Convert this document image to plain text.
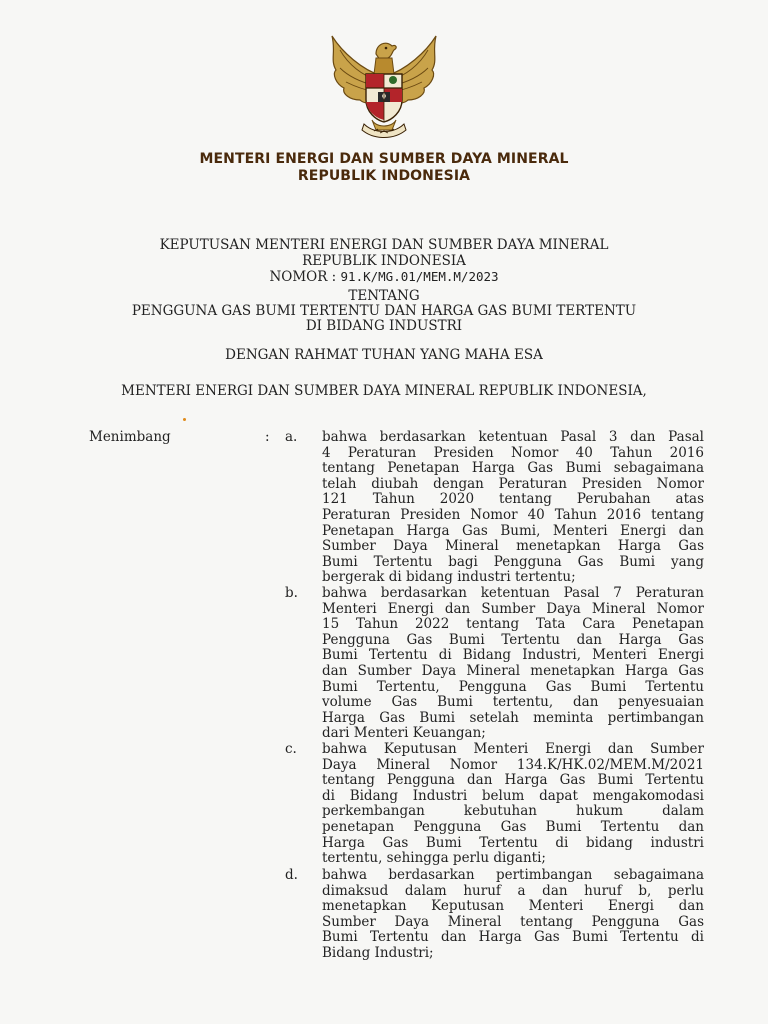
MENTERI ENERGI DAN SUMBER DAYA MINERAL
REPUBLIK INDONESIA
KEPUTUSAN MENTERI ENERGI DAN SUMBER DAYA MINERAL
REPUBLIK INDONESIA
NOMOR : 91.K/MG.01/MEM.M/2023
TENTANG
PENGGUNA GAS BUMI TERTENTU DAN HARGA GAS BUMI TERTENTU
DI BIDANG INDUSTRI
DENGAN RAHMAT TUHAN YANG MAHA ESA
MENTERI ENERGI DAN SUMBER DAYA MINERAL REPUBLIK INDONESIA,
Menimbang	: a. bahwa berdasarkan ketentuan Pasal 3 dan Pasal
4 Peraturan Presiden Nomor 40 Tahun 2016
tentang Penetapan Harga Gas Bumi sebagaimana
telah diubah dengan Peraturan Presiden Nomor
121 Tahun 2020 tentang Perubahan atas
Peraturan Presiden Nomor 40 Tahun 2016 tentang
Penetapan Harga Gas Bumi, Menteri Energi dan
Sumber Daya Mineral menetapkan Harga Gas
Bumi Tertentu bagi Pengguna Gas Bumi yang
bergerak di bidang industri tertentu;
b. bahwa berdasarkan ketentuan Pasal 7 Peraturan
Menteri Energi dan Sumber Daya Mineral Nomor
15 Tahun 2022 tentang Tata Cara Penetapan
Pengguna Gas Bumi Tertentu dan Harga Gas
Bumi Tertentu di Bidang Industri, Menteri Energi
dan Sumber Daya Mineral menetapkan Harga Gas
Bumi Tertentu, Pengguna Gas Bumi Tertentu
volume Gas Bumi tertentu, dan penyesuaian
Harga Gas Bumi setelah meminta pertimbangan
dari Menteri Keuangan;
c. bahwa Keputusan Menteri Energi dan Sumber
Daya Mineral Nomor 134.K/HK.02/MEM.M/2021
tentang Pengguna dan Harga Gas Bumi Tertentu
di Bidang Industri belum dapat mengakomodasi
perkembangan kebutuhan hukum dalam
penetapan Pengguna Gas Bumi Tertentu dan
Harga Gas Bumi Tertentu di bidang industri
tertentu, sehingga perlu diganti;
d. bahwa berdasarkan pertimbangan sebagaimana
dimaksud dalam huruf a dan huruf b, perlu
menetapkan Keputusan Menteri Energi dan
Sumber Daya Mineral tentang Pengguna Gas
Bumi Tertentu dan Harga Gas Bumi Tertentu di
Bidang Industri;
